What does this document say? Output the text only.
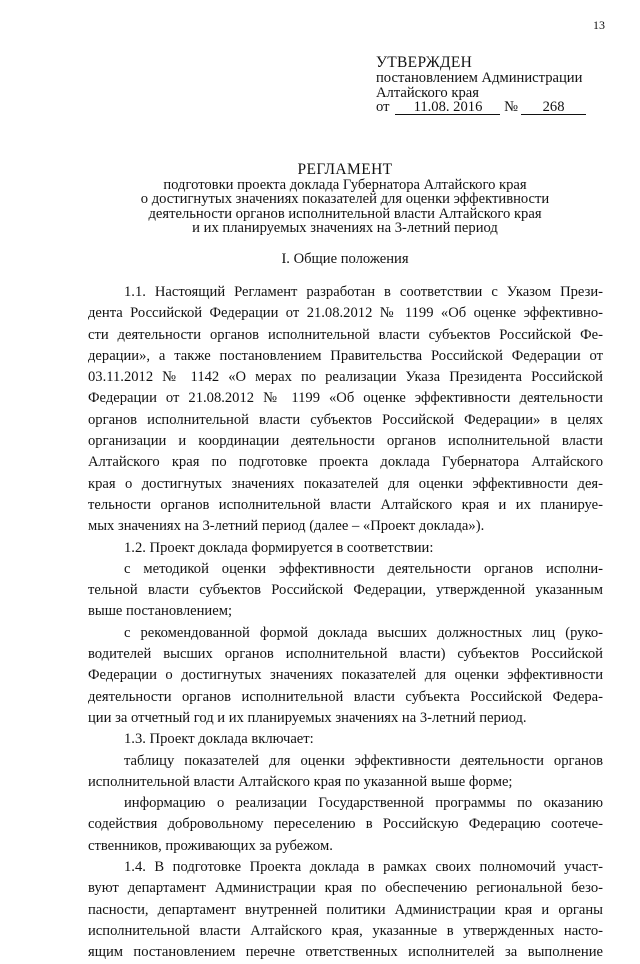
13
УТВЕРЖДЕН
постановлением Администрации
Алтайского края
от 11.08. 2016 № 268
РЕГЛАМЕНТ
подготовки проекта доклада Губернатора Алтайского края
о достигнутых значениях показателей для оценки эффективности
деятельности органов исполнительной власти Алтайского края
и их планируемых значениях на 3-летний период
I. Общие положения
1.1. Настоящий Регламент разработан в соответствии с Указом Прези-
дента Российской Федерации от 21.08.2012 № 1199 «Об оценке эффективно-
сти деятельности органов исполнительной власти субъектов Российской Фе-
дерации», а также постановлением Правительства Российской Федерации от
03.11.2012 № 1142 «О мерах по реализации Указа Президента Российской
Федерации от 21.08.2012 № 1199 «Об оценке эффективности деятельности
органов исполнительной власти субъектов Российской Федерации» в целях
организации и координации деятельности органов исполнительной власти
Алтайского края по подготовке проекта доклада Губернатора Алтайского
края о достигнутых значениях показателей для оценки эффективности дея-
тельности органов исполнительной власти Алтайского края и их планируе-
мых значениях на 3-летний период (далее – «Проект доклада»).
1.2. Проект доклада формируется в соответствии:
с методикой оценки эффективности деятельности органов исполни-
тельной власти субъектов Российской Федерации, утвержденной указанным
выше постановлением;
с рекомендованной формой доклада высших должностных лиц (руко-
водителей высших органов исполнительной власти) субъектов Российской
Федерации о достигнутых значениях показателей для оценки эффективности
деятельности органов исполнительной власти субъекта Российской Федера-
ции за отчетный год и их планируемых значениях на 3-летний период.
1.3. Проект доклада включает:
таблицу показателей для оценки эффективности деятельности органов
исполнительной власти Алтайского края по указанной выше форме;
информацию о реализации Государственной программы по оказанию
содействия добровольному переселению в Российскую Федерацию соотече-
ственников, проживающих за рубежом.
1.4. В подготовке Проекта доклада в рамках своих полномочий участ-
вуют департамент Администрации края по обеспечению региональной безо-
пасности, департамент внутренней политики Администрации края и органы
исполнительной власти Алтайского края, указанные в утвержденных насто-
ящим постановлением перечне ответственных исполнителей за выполнение
